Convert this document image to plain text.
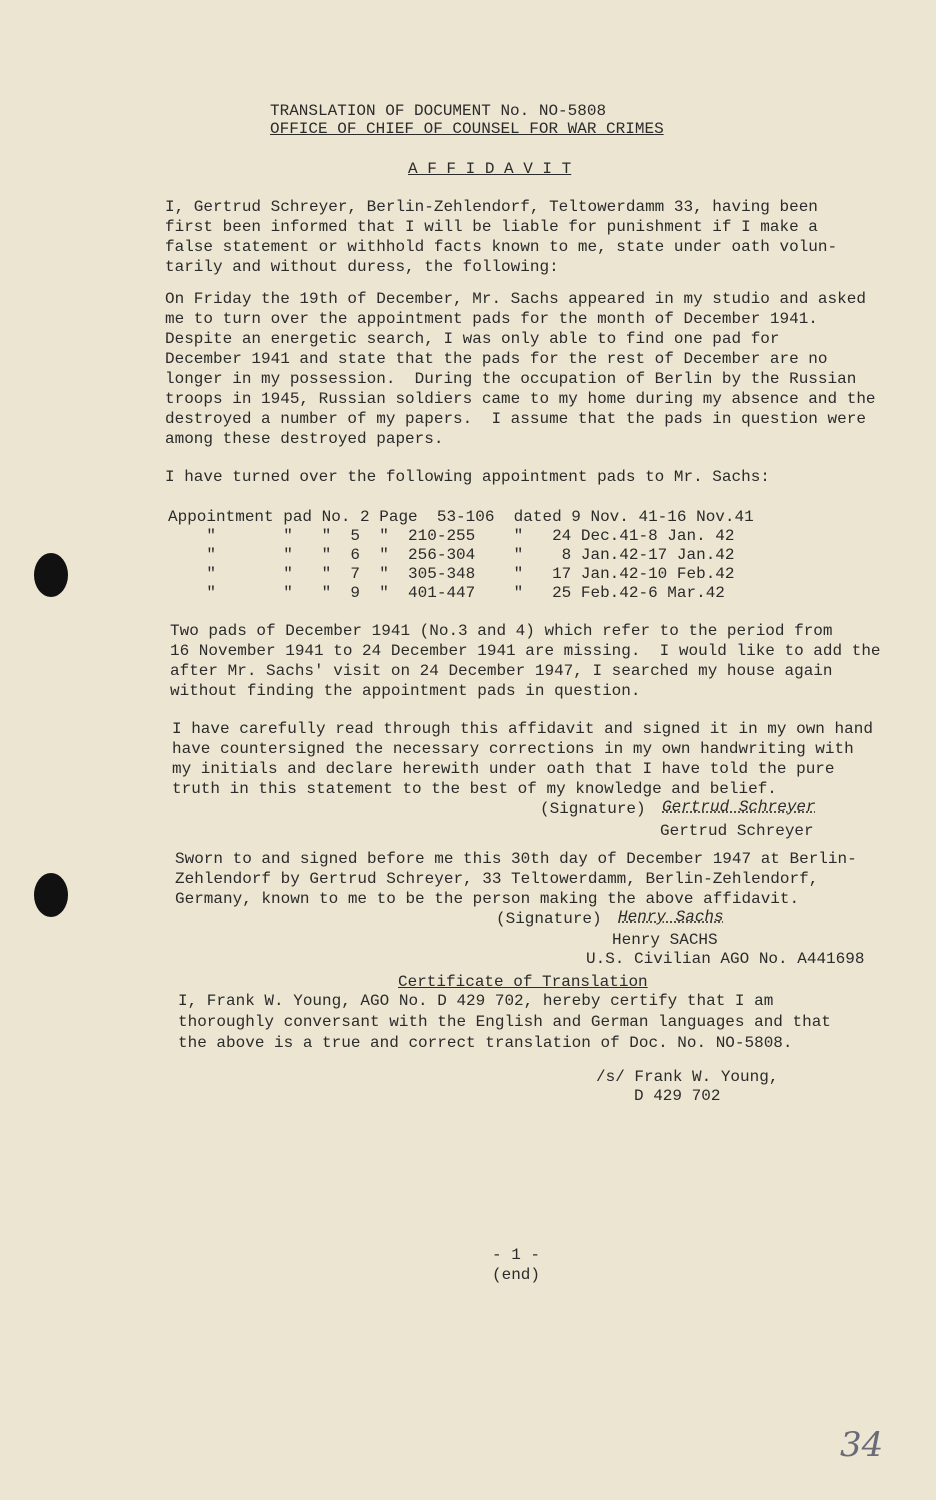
TRANSLATION OF DOCUMENT No. NO-5808
OFFICE OF CHIEF OF COUNSEL FOR WAR CRIMES
A F F I D A V I T
I, Gertrud Schreyer, Berlin-Zehlendorf, Teltowerdamm 33, having been
first been informed that I will be liable for punishment if I make a
false statement or withhold facts known to me, state under oath volun-
tarily and without duress, the following:
On Friday the 19th of December, Mr. Sachs appeared in my studio and asked
me to turn over the appointment pads for the month of December 1941.
Despite an energetic search, I was only able to find one pad for
December 1941 and state that the pads for the rest of December are no
longer in my possession.  During the occupation of Berlin by the Russian
troops in 1945, Russian soldiers came to my home during my absence and the
destroyed a number of my papers.  I assume that the pads in question were
among these destroyed papers.
I have turned over the following appointment pads to Mr. Sachs:
Appointment pad No. 2 Page  53-106  dated 9 Nov. 41-16 Nov.41
"       "   "  5  "  210-255    "   24 Dec.41-8 Jan. 42
"       "   "  6  "  256-304    "    8 Jan.42-17 Jan.42
"       "   "  7  "  305-348    "   17 Jan.42-10 Feb.42
"       "   "  9  "  401-447    "   25 Feb.42-6 Mar.42
Two pads of December 1941 (No.3 and 4) which refer to the period from
16 November 1941 to 24 December 1941 are missing.  I would like to add the
after Mr. Sachs' visit on 24 December 1947, I searched my house again
without finding the appointment pads in question.
I have carefully read through this affidavit and signed it in my own hand
have countersigned the necessary corrections in my own handwriting with
my initials and declare herewith under oath that I have told the pure
truth in this statement to the best of my knowledge and belief.
(Signature) Gertrud Schreyer
Gertrud Schreyer
Sworn to and signed before me this 30th day of December 1947 at Berlin-
Zehlendorf by Gertrud Schreyer, 33 Teltowerdamm, Berlin-Zehlendorf,
Germany, known to me to be the person making the above affidavit.
(Signature) Henry Sachs
Henry SACHS
U.S. Civilian AGO No. A441698
Certificate of Translation
I, Frank W. Young, AGO No. D 429 702, hereby certify that I am
thoroughly conversant with the English and German languages and that
the above is a true and correct translation of Doc. No. NO-5808.
/s/ Frank W. Young,
D 429 702
- 1 -
(end)
34
